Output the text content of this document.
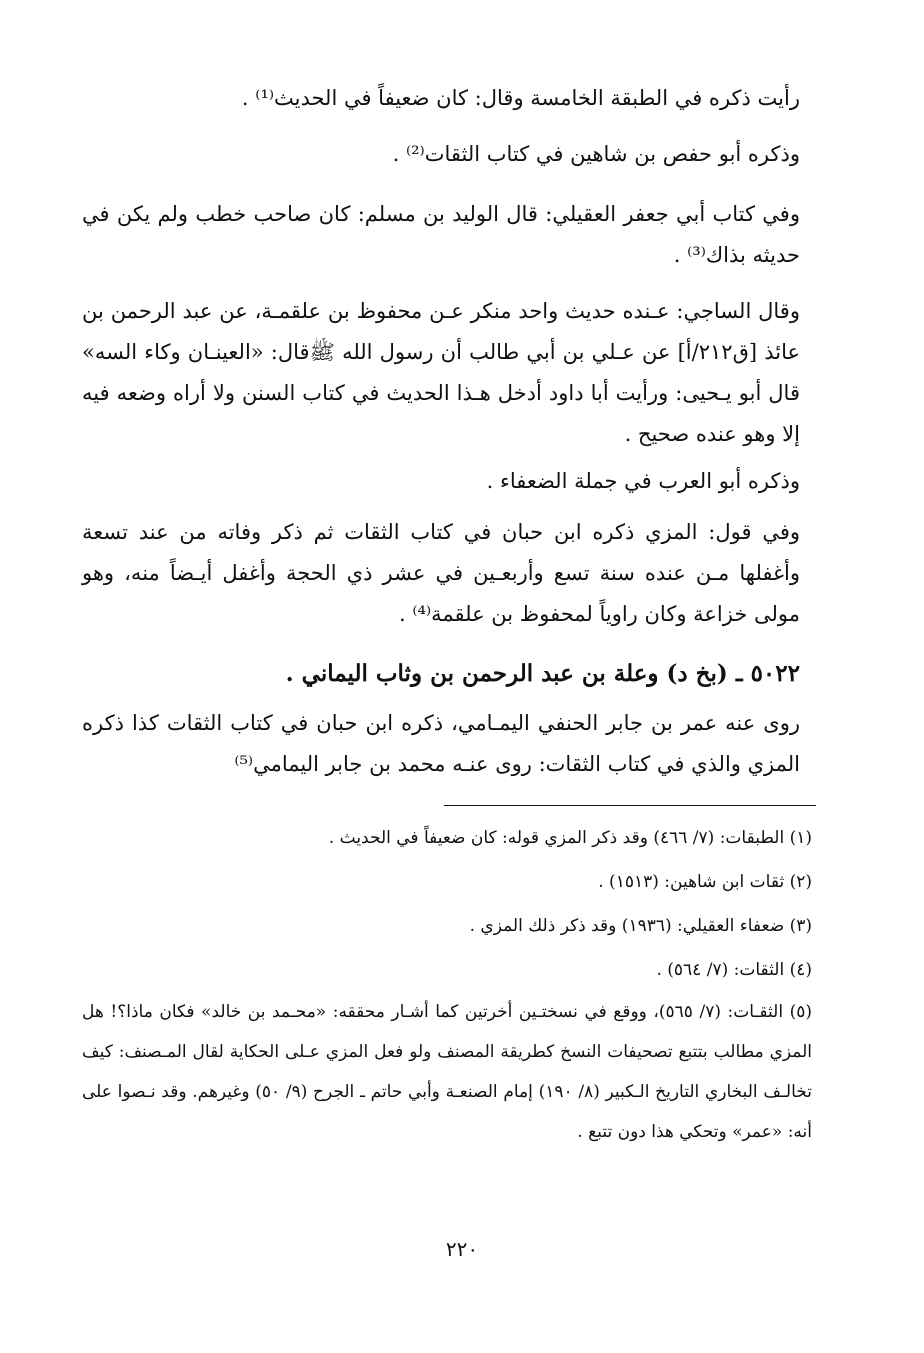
رأيت ذكره في الطبقة الخامسة وقال: كان ضعيفاً في الحديث⁽¹⁾ .

وذكره أبو حفص بن شاهين في كتاب الثقات⁽²⁾ .

وفي كتاب أبي جعفر العقيلي: قال الوليد بن مسلم: كان صاحب خطب ولم يكن في حديثه بذاك⁽³⁾ .

وقال الساجي: عـنده حديث واحد منكر عـن محفوظ بن علقمـة، عن عبد الرحمن بن عائذ [ق٢١٢/أ] عن عـلي بن أبي طالب أن رسول الله ﷺقال: «العينـان وكاء السه» قال أبو يـحيى: ورأيت أبا داود أدخل هـذا الحديث في كتاب السنن ولا أراه وضعه فيه إلا وهو عنده صحيح .

وذكره أبو العرب في جملة الضعفاء .

وفي قول: المزي ذكره ابن حبان في كتاب الثقات ثم ذكر وفاته من عند تسعة وأغفلها مـن عنده سنة تسع وأربعـين في عشر ذي الحجة وأغفل أيـضاً منه، وهو مولى خزاعة وكان راوياً لمحفوظ بن علقمة⁽⁴⁾ .

٥٠٢٢ ـ (بخ د) وعلة بن عبد الرحمن بن وثاب اليماني .

روى عنه عمر بن جابر الحنفي اليمـامي، ذكره ابن حبان في كتاب الثقات كذا ذكره المزي والذي في كتاب الثقات: روى عنـه محمد بن جابر اليمامي⁽⁵⁾

(١) الطبقات: (٧/ ٤٦٦) وقد ذكر المزي قوله: كان ضعيفاً في الحديث .

(٢) ثقات ابن شاهين: (١٥١٣) .

(٣) ضعفاء العقيلي: (١٩٣٦) وقد ذكر ذلك المزي .

(٤) الثقات: (٧/ ٥٦٤) .

(٥) الثقـات: (٧/ ٥٦٥)، ووقع في نسختـين أخرتين كما أشـار محققه: «محـمد بن خالد» فكان ماذا؟! هل المزي مطالب بتتبع تصحيفات النسخ كطريقة المصنف ولو فعل المزي عـلى الحكاية لقال المـصنف: كيف تخالـف البخاري التاريخ الـكبير (٨/ ١٩٠) إمام الصنعـة وأبي حاتم ـ الجرح (٩/ ٥٠) وغيرهم. وقد نـصوا على أنه: «عمر» وتحكي هذا دون تتبع .

٢٢٠
